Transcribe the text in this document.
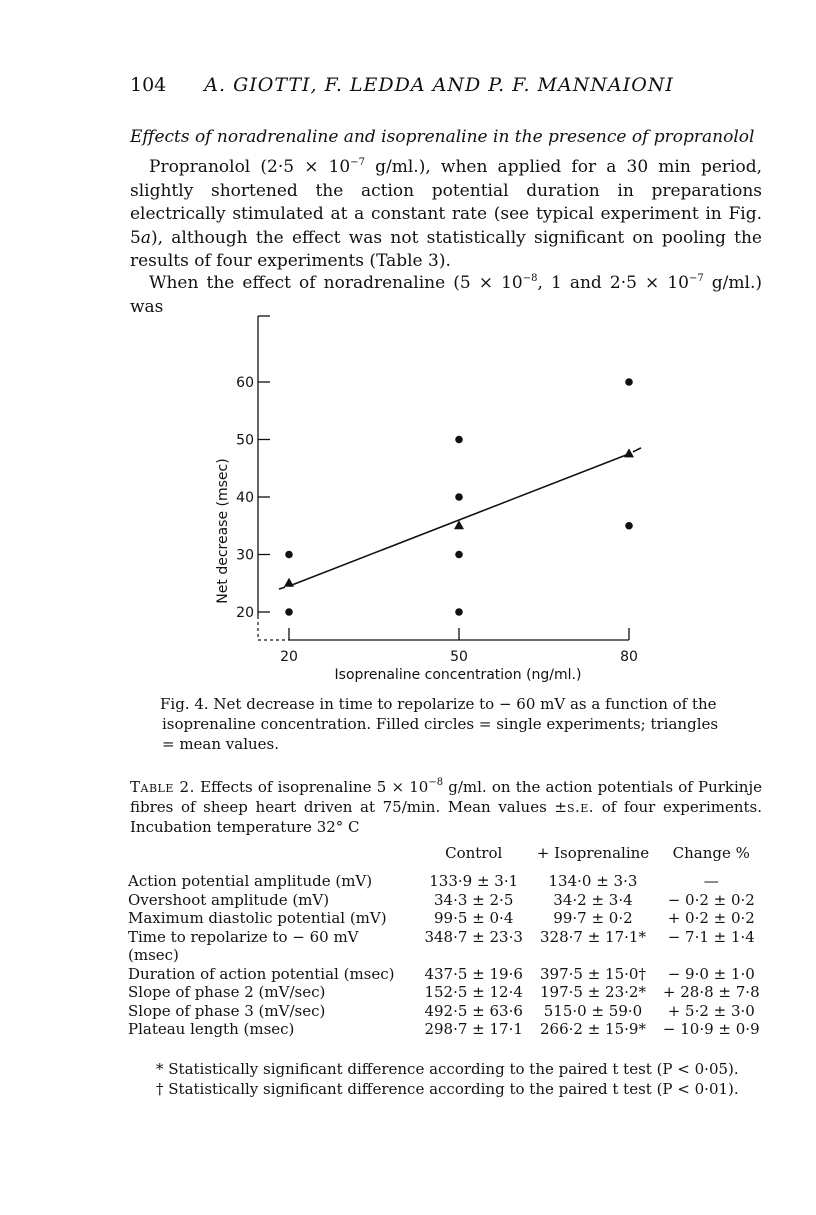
104 A. GIOTTI, F. LEDDA AND P. F. MANNAIONI
Effects of noradrenaline and isoprenaline in the presence of propranolol
Propranolol ($2\cdot 5 \times 10^{-7}$ g/ml.), when applied for a 30 min period, slightly shortened the action potential duration in preparations electrically stimulated at a constant rate (see typical experiment in Fig. 5a), although the effect was not statistically significant on pooling the results of four experiments (Table 3).
When the effect of noradrenaline ($5 \times 10^{-8}$, 1 and $2\cdot 5 \times 10^{-7}$ g/ml.) was
20	50	80
20
30
40
50
60
Net decrease (msec)
Isoprenaline concentration (ng/ml.)
Fig. 4. Net decrease in time to repolarize to − 60 mV as a function of the isoprenaline concentration. Filled circles = single experiments; triangles = mean values.
Table 2. Effects of isoprenaline $5 \times 10^{-8}$ g/ml. on the action potentials of Purkinje fibres of sheep heart driven at 75/min. Mean values ±s.e. of four experiments. Incubation temperature 32° C
	Control	+ Isoprenaline	Change %
Action potential amplitude (mV)	133·9 ± 3·1	134·0 ± 3·3	—
Overshoot amplitude (mV)	34·3 ± 2·5	34·2 ± 3·4	− 0·2 ± 0·2
Maximum diastolic potential (mV)	99·5 ± 0·4	99·7 ± 0·2	+ 0·2 ± 0·2
Time to repolarize to − 60 mV	348·7 ± 23·3	328·7 ± 17·1*	− 7·1 ± 1·4
(msec)			
Duration of action potential (msec)	437·5 ± 19·6	397·5 ± 15·0†	− 9·0 ± 1·0
Slope of phase 2 (mV/sec)	152·5 ± 12·4	197·5 ± 23·2*	+ 28·8 ± 7·8
Slope of phase 3 (mV/sec)	492·5 ± 63·6	515·0 ± 59·0	+ 5·2 ± 3·0
Plateau length (msec)	298·7 ± 17·1	266·2 ± 15·9*	− 10·9 ± 0·9
* Statistically significant difference according to the paired t test (P < 0·05).
† Statistically significant difference according to the paired t test (P < 0·01).
